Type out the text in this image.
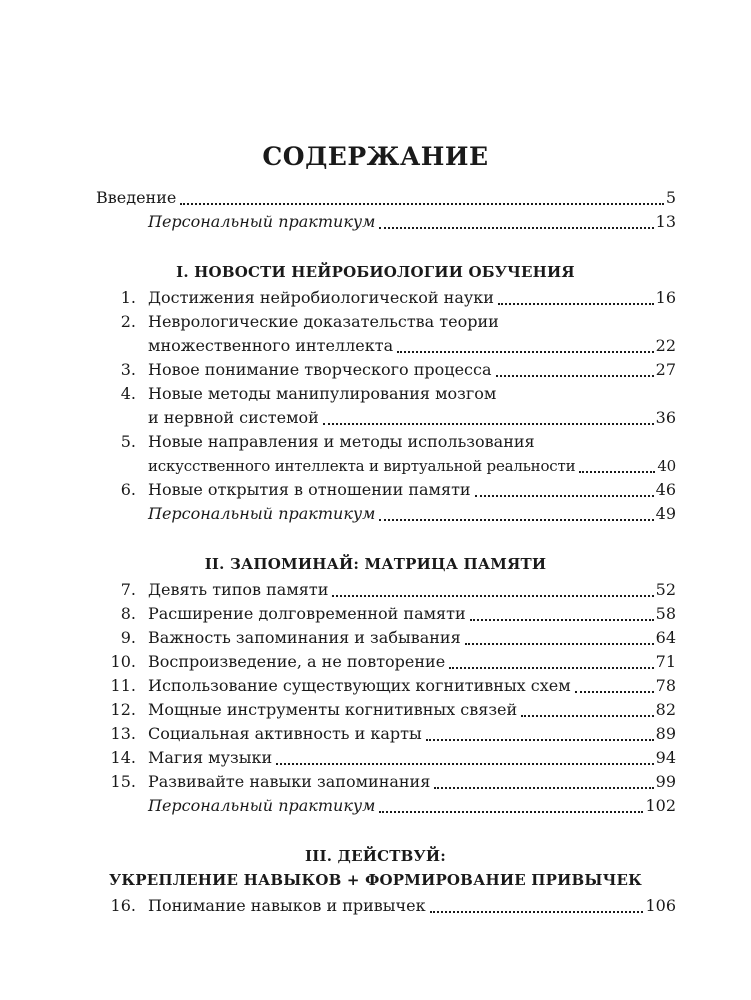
СОДЕРЖАНИЕ
Введение	5
Персональный практикум	13
I. НОВОСТИ НЕЙРОБИОЛОГИИ ОБУЧЕНИЯ
1. Достижения нейробиологической науки	16
2. Неврологические доказательства теории
множественного интеллекта	22
3. Новое понимание творческого процесса	27
4. Новые методы манипулирования мозгом
и нервной системой	36
5. Новые направления и методы использования
искусственного интеллекта и виртуальной реальности	40
6. Новые открытия в отношении памяти	46
Персональный практикум	49
II. ЗАПОМИНАЙ: МАТРИЦА ПАМЯТИ
7. Девять типов памяти	52
8. Расширение долговременной памяти	58
9. Важность запоминания и забывания	64
10. Воспроизведение, а не повторение	71
11. Использование существующих когнитивных схем	78
12. Мощные инструменты когнитивных связей	82
13. Социальная активность и карты	89
14. Магия музыки	94
15. Развивайте навыки запоминания	99
Персональный практикум	102
III. ДЕЙСТВУЙ:
УКРЕПЛЕНИЕ НАВЫКОВ + ФОРМИРОВАНИЕ ПРИВЫЧЕК
16. Понимание навыков и привычек	106
